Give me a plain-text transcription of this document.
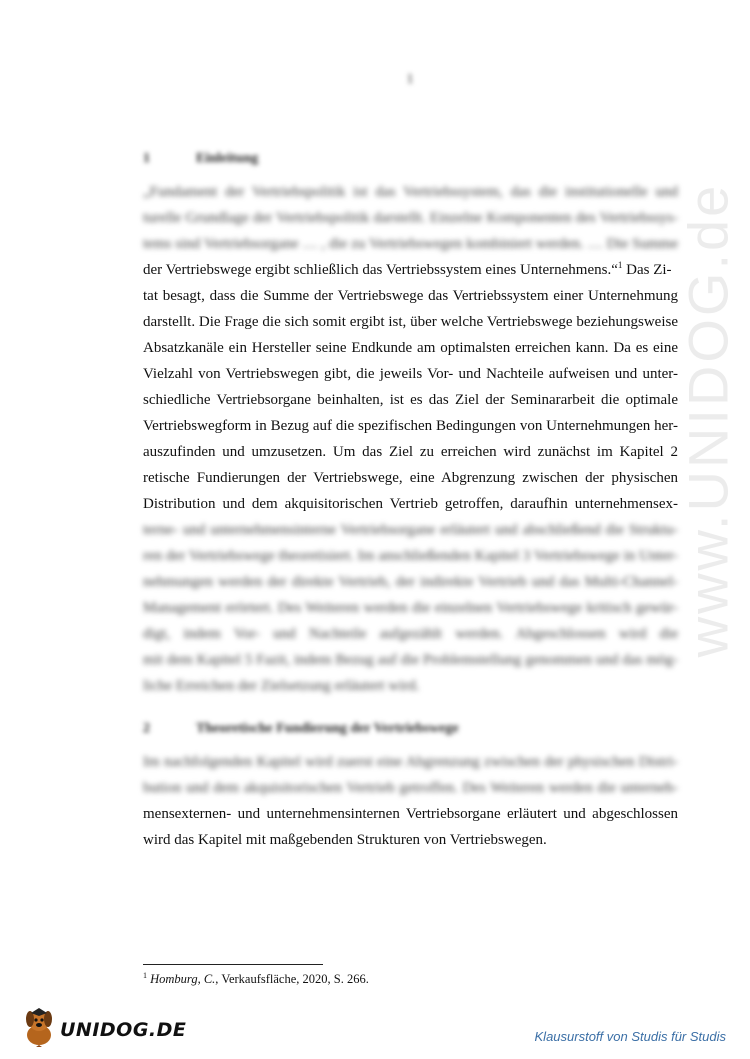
www.UNIDOG.de
1
1	Einleitung
„Fundament der Vertriebspolitik ist das Vertriebssystem, das die institutionelle und
turelle Grundlage der Vertriebspolitik darstellt. Einzelne Komponenten des Vertriebssys-
tems sind Vertriebsorgane … , die zu Vertriebswegen kombiniert werden. … Die Summe
der Vertriebswege ergibt schließlich das Vertriebssystem eines Unternehmens.“$^1$ Das Zi-
tat besagt, dass die Summe der Vertriebswege das Vertriebssystem einer Unternehmung
darstellt. Die Frage die sich somit ergibt ist, über welche Vertriebswege beziehungsweise
Absatzkanäle ein Hersteller seine Endkunde am optimalsten erreichen kann. Da es eine
Vielzahl von Vertriebswegen gibt, die jeweils Vor- und Nachteile aufweisen und unter-
schiedliche Vertriebsorgane beinhalten, ist es das Ziel der Seminararbeit die optimale
Vertriebswegform in Bezug auf die spezifischen Bedingungen von Unternehmungen her-
auszufinden und umzusetzen. Um das Ziel zu erreichen wird zunächst im Kapitel 2
retische Fundierungen der Vertriebswege, eine Abgrenzung zwischen der physischen
Distribution und dem akquisitorischen Vertrieb getroffen, daraufhin unternehmensex-
terne- und unternehmensinterne Vertriebsorgane erläutert und abschließend die Struktu-
ren der Vertriebswege theoretisiert. Im anschließenden Kapitel 3 Vertriebswege in Unter-
nehmungen werden der direkte Vertrieb, der indirekte Vertrieb und das Multi-Channel-
Management erörtert. Des Weiteren werden die einzelnen Vertriebswege kritisch gewür-
digt, indem Vor- und Nachteile aufgezählt werden. Abgeschlossen wird die
mit dem Kapitel 5 Fazit, indem Bezug auf die Problemstellung genommen und das mög-
liche Erreichen der Zielsetzung erläutert wird.
2	Theoretische Fundierung der Vertriebswege
Im nachfolgenden Kapitel wird zuerst eine Abgrenzung zwischen der physischen Distri-
bution und dem akquisitorischen Vertrieb getroffen. Des Weiteren werden die unterneh-
mensexternen- und unternehmensinternen Vertriebsorgane erläutert und abgeschlossen
wird das Kapitel mit maßgebenden Strukturen von Vertriebswegen.
$^1$ Homburg, C., Verkaufsfläche, 2020, S. 266.
UNIDOG.DE	Klausurstoff von Studis für Studis
